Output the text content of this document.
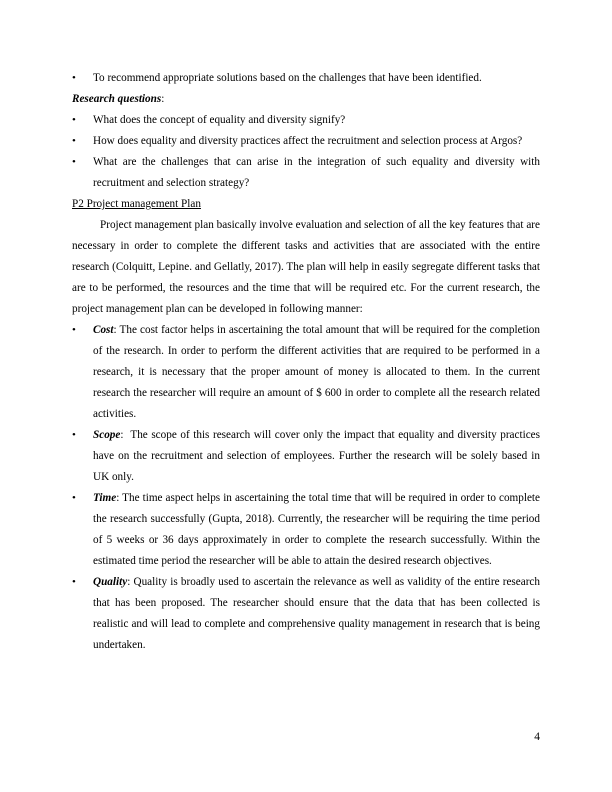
•	To recommend appropriate solutions based on the challenges that have been identified.

Research questions:

•	What does the concept of equality and diversity signify?

•	How does equality and diversity practices affect the recruitment and selection process at Argos?

•	What are the challenges that can arise in the integration of such equality and diversity with recruitment and selection strategy?

P2 Project management Plan

Project management plan basically involve evaluation and selection of all the key features that are necessary in order to complete the different tasks and activities that are associated with the entire research (Colquitt, Lepine. and Gellatly, 2017). The plan will help in easily segregate different tasks that are to be performed, the resources and the time that will be required etc. For the current research, the project management plan can be developed in following manner:

•	Cost: The cost factor helps in ascertaining the total amount that will be required for the completion of the research. In order to perform the different activities that are required to be performed in a research, it is necessary that the proper amount of money is allocated to them. In the current research the researcher will require an amount of $ 600 in order to complete all the research related activities.

•	Scope:  The scope of this research will cover only the impact that equality and diversity practices have on the recruitment and selection of employees. Further the research will be solely based in UK only.

•	Time: The time aspect helps in ascertaining the total time that will be required in order to complete the research successfully (Gupta, 2018). Currently, the researcher will be requiring the time period of 5 weeks or 36 days approximately in order to complete the research successfully. Within the estimated time period the researcher will be able to attain the desired research objectives.

•	Quality: Quality is broadly used to ascertain the relevance as well as validity of the entire research that has been proposed. The researcher should ensure that the data that has been collected is realistic and will lead to complete and comprehensive quality management in research that is being undertaken.

4
